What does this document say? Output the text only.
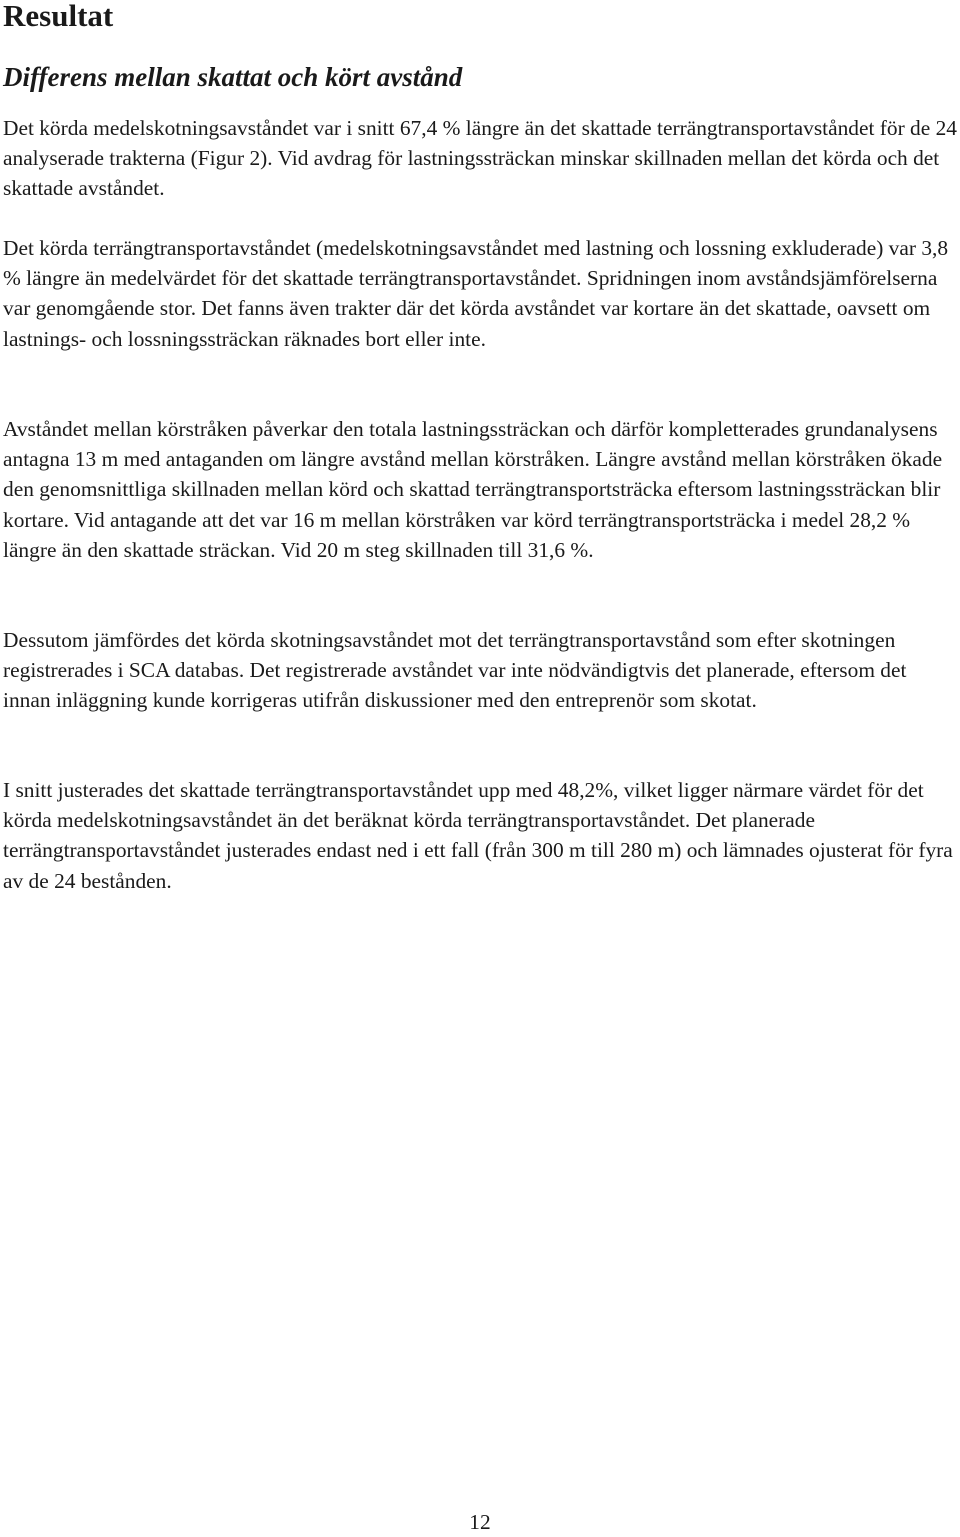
Resultat
Differens mellan skattat och kört avstånd

Det körda medelskotningsavståndet var i snitt 67,4 % längre än det skattade terrängtransportavståndet för de 24 analyserade trakterna (Figur 2). Vid avdrag för lastningssträckan minskar skillnaden mellan det körda och det skattade avståndet.

Det körda terrängtransportavståndet (medelskotningsavståndet med lastning och lossning exkluderade) var 3,8 % längre än medelvärdet för det skattade terrängtransportavståndet. Spridningen inom avståndsjämförelserna var genomgående stor. Det fanns även trakter där det körda avståndet var kortare än det skattade, oavsett om lastnings- och lossningssträckan räknades bort eller inte.

Avståndet mellan körstråken påverkar den totala lastningssträckan och därför kompletterades grundanalysens antagna 13 m med antaganden om längre avstånd mellan körstråken. Längre avstånd mellan körstråken ökade den genomsnittliga skillnaden mellan körd och skattad terrängtransportsträcka eftersom lastningssträckan blir kortare. Vid antagande att det var 16 m mellan körstråken var körd terrängtransportsträcka i medel 28,2 % längre än den skattade sträckan. Vid 20 m steg skillnaden till 31,6 %.

Dessutom jämfördes det körda skotningsavståndet mot det terrängtransportavstånd som efter skotningen registrerades i SCA databas. Det registrerade avståndet var inte nödvändigtvis det planerade, eftersom det innan inläggning kunde korrigeras utifrån diskussioner med den entreprenör som skotat.

I snitt justerades det skattade terrängtransportavståndet upp med 48,2%, vilket ligger närmare värdet för det körda medelskotningsavståndet än det beräknat körda terrängtransportavståndet. Det planerade terrängtransportavståndet justerades endast ned i ett fall (från 300 m till 280 m) och lämnades ojusterat för fyra av de 24 bestånden.

12
